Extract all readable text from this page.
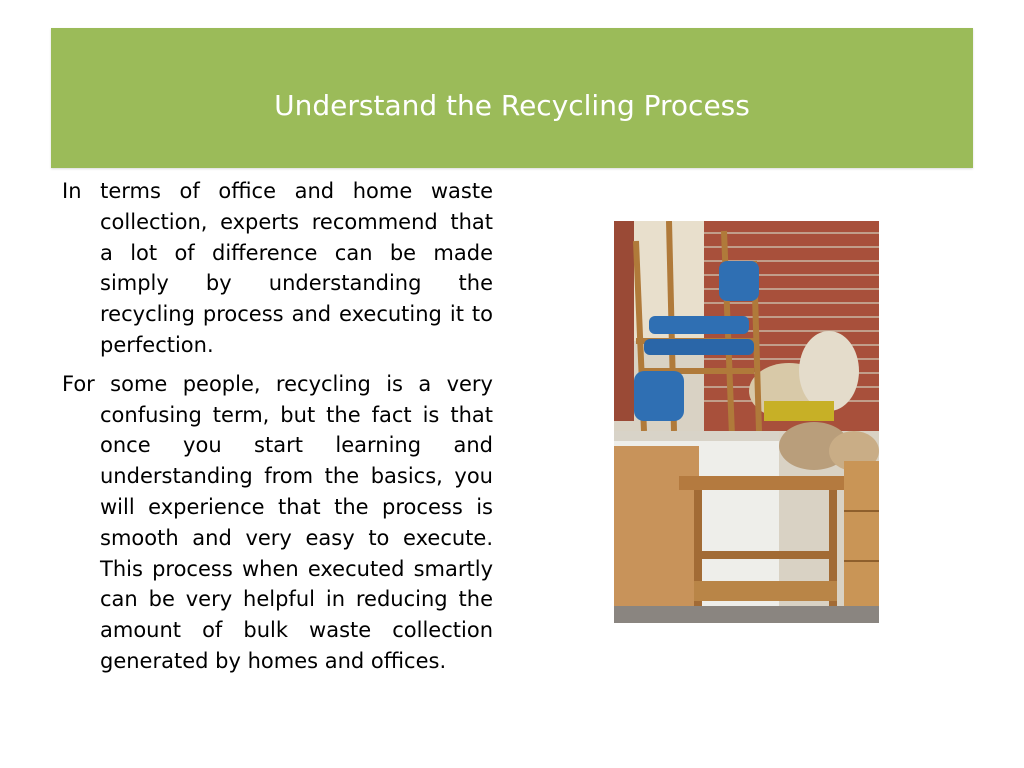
Understand the Recycling Process

In terms of office and home waste collection, experts recommend that a lot of difference can be made simply by understanding the recycling process and executing it to perfection.

For some people, recycling is a very confusing term, but the fact is that once you start learning and understanding from the basics, you will experience that the process is smooth and very easy to execute. This process when executed smartly can be very helpful in reducing the amount of bulk waste collection generated by homes and offices.
